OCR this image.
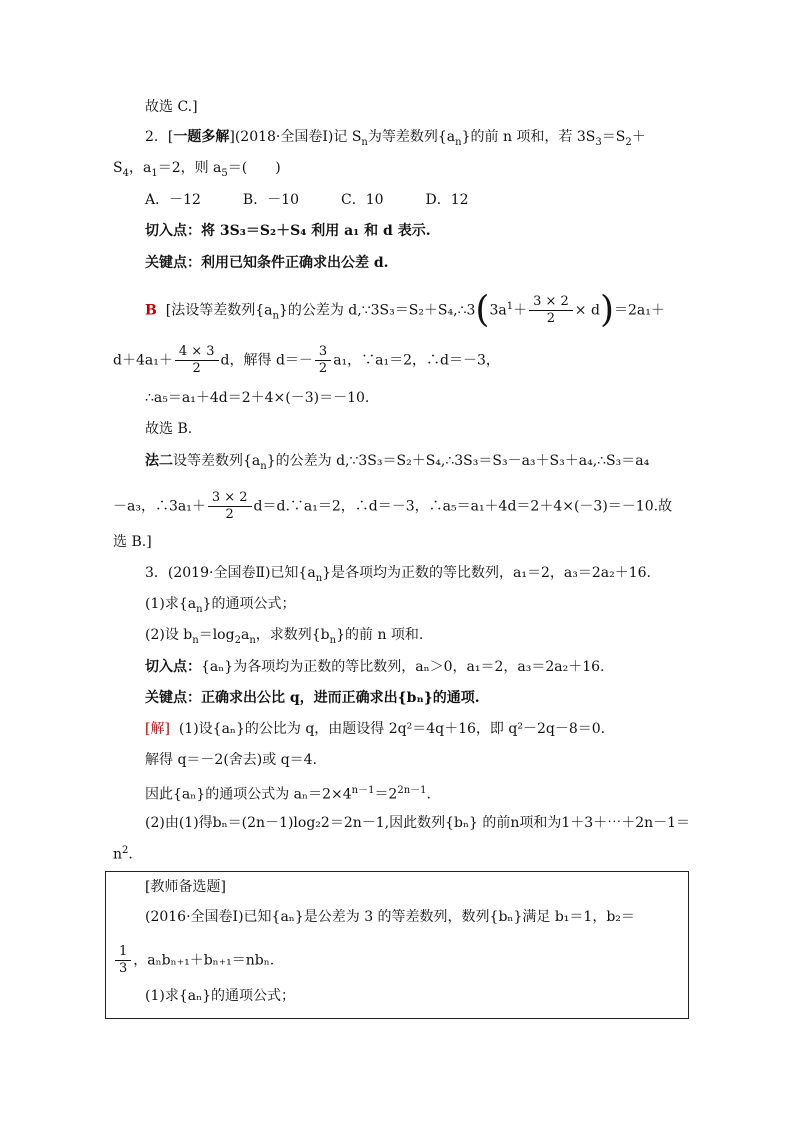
故选 C.]
2．[一题多解](2018·全国卷Ⅰ)记 $S_n$为等差数列$\{a_n\}$的前 n 项和，若 $3S_3=S_2+$
$S_4$，$a_1=2$，则 $a_5=$(　　)
A．－12　　　B．－10　　　C．10　　　D．12
切入点：将 3S₃＝S₂＋S₄ 利用 a₁ 和 d 表示.
关键点：利用已知条件正确求出公差 d.
B [法设等差数列$\{a_n\}$的公差为 $d,\because 3S_3=S_2+S_4,\therefore 3(3a^1+ \frac{3 \times 2}{2} \times d)=2a_1+$
$d+4a_1+ \frac{4 \times 3}{2}$ d，解得 $d=- \frac{3}{2} a_1$，∵a₁＝2，∴d＝－3，
∴a₅＝a₁＋4d＝2＋4×(－3)＝－10.
故选 B.
法二设等差数列$\{a_n\}$的公差为 d,∵3S₃＝S₂＋S₄,∴3S₃＝S₃－a₃＋S₃＋a₄,∴S₃＝a₄
－a₃，∴3a₁＋ $\frac{3 \times 2}{2}$ d＝d.∵a₁＝2，∴d＝－3，∴a₅＝a₁＋4d＝2＋4×(－3)＝－10.故
选 B.]
3．(2019·全国卷Ⅱ)已知$\{a_n\}$是各项均为正数的等比数列，a₁＝2，a₃＝2a₂＋16.
(1)求$\{a_n\}$的通项公式；
(2)设 $b_n=\log_2a_n$，求数列$\{b_n\}$的前 n 项和.
切入点：{aₙ}为各项均为正数的等比数列，aₙ＞0，a₁＝2，a₃＝2a₂＋16.
关键点：正确求出公比 q，进而正确求出{bₙ}的通项.
[解] (1)设{aₙ}的公比为 q，由题设得 2q²＝4q＋16，即 q²－2q－8＝0.
解得 q＝－2(舍去)或 q＝4.
因此{aₙ}的通项公式为 $a_n=2\times 4^{n-1}=2^{2n-1}$.
(2)由(1)得bₙ＝(2n－1)log₂2＝2n－1,因此数列{bₙ} 的前n项和为1＋3＋⋯＋2n－1＝
$n^2$.
[教师备选题]
(2016·全国卷Ⅰ)已知{aₙ}是公差为 3 的等差数列，数列{bₙ}满足 b₁＝1，b₂＝
$\frac{1}{3}$ ，aₙbₙ₊₁＋bₙ₊₁＝nbₙ.
(1)求{aₙ}的通项公式；
